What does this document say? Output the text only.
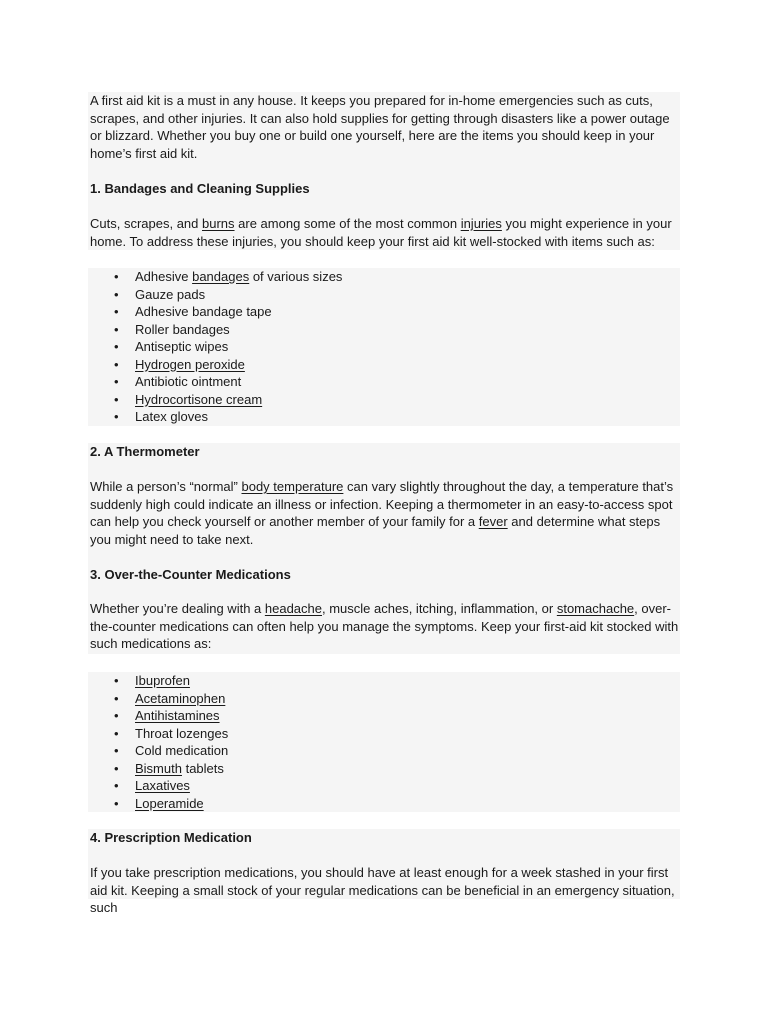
A first aid kit is a must in any house. It keeps you prepared for in-home emergencies such as cuts, scrapes, and other injuries. It can also hold supplies for getting through disasters like a power outage or blizzard. Whether you buy one or build one yourself, here are the items you should keep in your home’s first aid kit.

1. Bandages and Cleaning Supplies

Cuts, scrapes, and burns are among some of the most common injuries you might experience in your home. To address these injuries, you should keep your first aid kit well-stocked with items such as:

• Adhesive bandages of various sizes
• Gauze pads
• Adhesive bandage tape
• Roller bandages
• Antiseptic wipes
• Hydrogen peroxide
• Antibiotic ointment
• Hydrocortisone cream
• Latex gloves
2. A Thermometer

While a person’s “normal” body temperature can vary slightly throughout the day, a temperature that’s suddenly high could indicate an illness or infection. Keeping a thermometer in an easy-to-access spot can help you check yourself or another member of your family for a fever and determine what steps you might need to take next.

3. Over-the-Counter Medications

Whether you’re dealing with a headache, muscle aches, itching, inflammation, or stomachache, over-the-counter medications can often help you manage the symptoms. Keep your first-aid kit stocked with such medications as:

• Ibuprofen
• Acetaminophen
• Antihistamines
• Throat lozenges
• Cold medication
• Bismuth tablets
• Laxatives
• Loperamide
4. Prescription Medication

If you take prescription medications, you should have at least enough for a week stashed in your first aid kit. Keeping a small stock of your regular medications can be beneficial in an emergency situation, such
